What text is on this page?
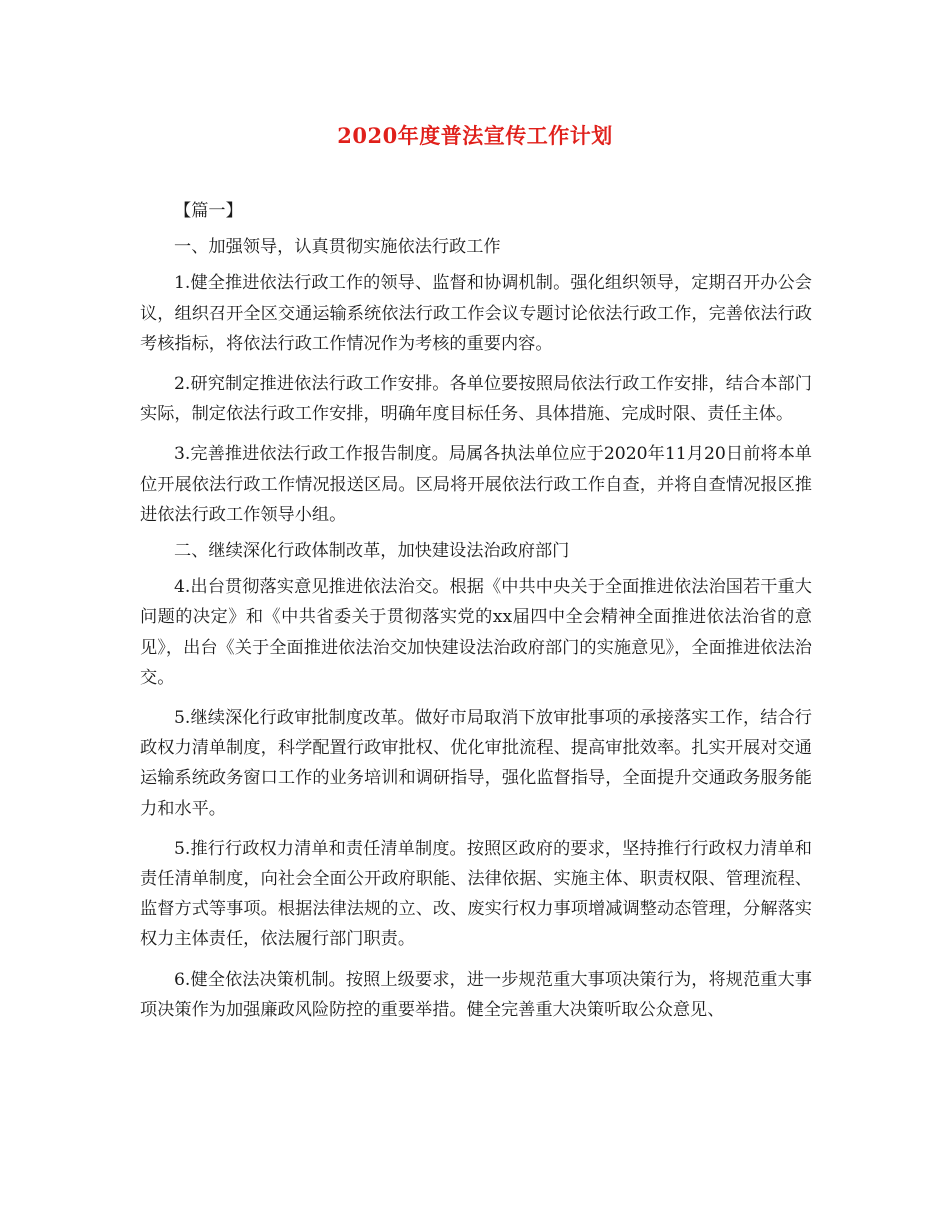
2020年度普法宣传工作计划

【篇一】

一、加强领导，认真贯彻实施依法行政工作

1.健全推进依法行政工作的领导、监督和协调机制。强化组织领导，定期召开办公会议，组织召开全区交通运输系统依法行政工作会议专题讨论依法行政工作，完善依法行政考核指标，将依法行政工作情况作为考核的重要内容。

2.研究制定推进依法行政工作安排。各单位要按照局依法行政工作安排，结合本部门实际，制定依法行政工作安排，明确年度目标任务、具体措施、完成时限、责任主体。

3.完善推进依法行政工作报告制度。局属各执法单位应于2020年11月20日前将本单位开展依法行政工作情况报送区局。区局将开展依法行政工作自查，并将自查情况报区推进依法行政工作领导小组。

二、继续深化行政体制改革，加快建设法治政府部门

4.出台贯彻落实意见推进依法治交。根据《中共中央关于全面推进依法治国若干重大问题的决定》和《中共省委关于贯彻落实党的xx届四中全会精神全面推进依法治省的意见》，出台《关于全面推进依法治交加快建设法治政府部门的实施意见》，全面推进依法治交。

5.继续深化行政审批制度改革。做好市局取消下放审批事项的承接落实工作，结合行政权力清单制度，科学配置行政审批权、优化审批流程、提高审批效率。扎实开展对交通运输系统政务窗口工作的业务培训和调研指导，强化监督指导，全面提升交通政务服务能力和水平。

5.推行行政权力清单和责任清单制度。按照区政府的要求，坚持推行行政权力清单和责任清单制度，向社会全面公开政府职能、法律依据、实施主体、职责权限、管理流程、监督方式等事项。根据法律法规的立、改、废实行权力事项增减调整动态管理，分解落实权力主体责任，依法履行部门职责。

6.健全依法决策机制。按照上级要求，进一步规范重大事项决策行为，将规范重大事项决策作为加强廉政风险防控的重要举措。健全完善重大决策听取公众意见、
